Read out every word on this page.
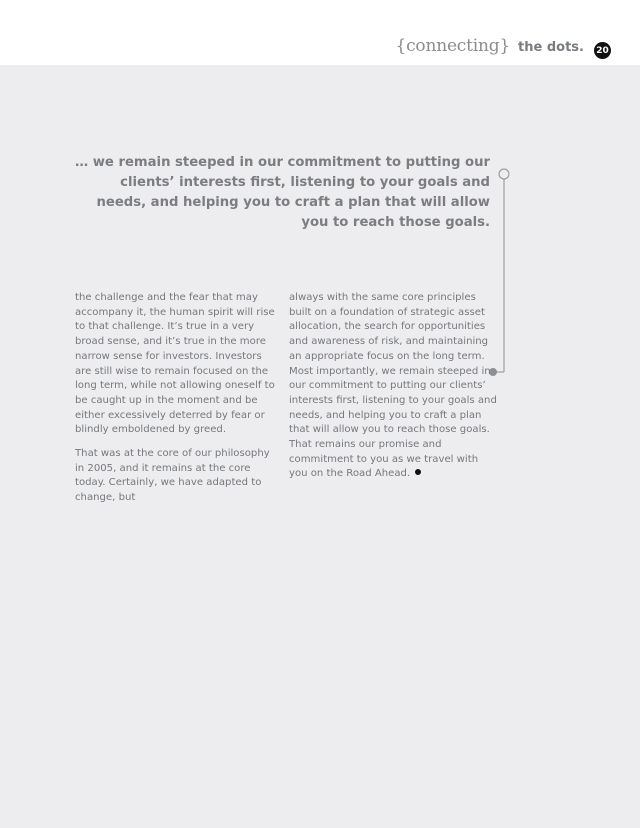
{connecting} the dots. 20
… we remain steeped in our commitment to putting our clients’ interests first, listening to your goals and needs, and helping you to craft a plan that will allow you to reach those goals.

the challenge and the fear that may accompany it, the human spirit will rise to that challenge. It’s true in a very broad sense, and it’s true in the more narrow sense for investors. Investors are still wise to remain focused on the long term, while not allowing oneself to be caught up in the moment and be either excessively deterred by fear or blindly emboldened by greed.

That was at the core of our philosophy in 2005, and it remains at the core today. Certainly, we have adapted to change, but

always with the same core principles built on a foundation of strategic asset allocation, the search for opportunities and awareness of risk, and maintaining an appropriate focus on the long term. Most importantly, we remain steeped in our commitment to putting our clients’ interests first, listening to your goals and needs, and helping you to craft a plan that will allow you to reach those goals. That remains our promise and commitment to you as we travel with you on the Road Ahead.
